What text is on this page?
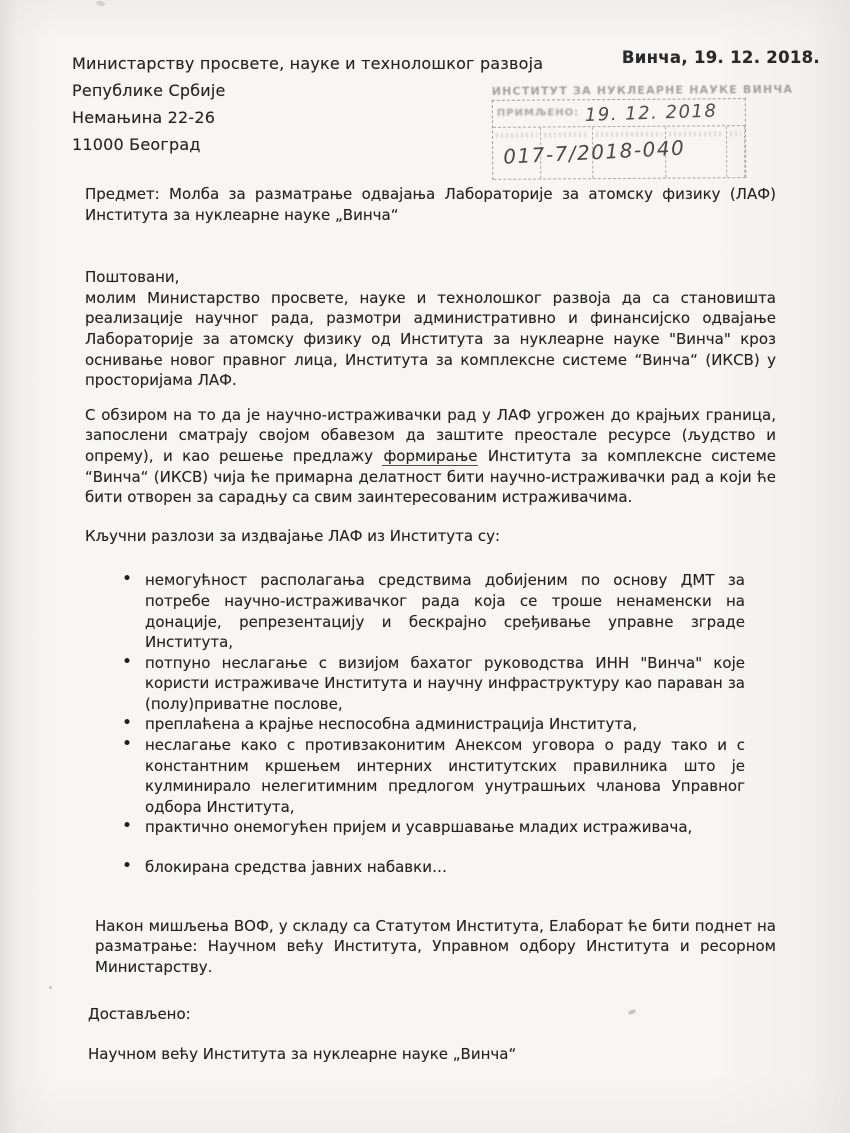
Винча, 19. 12. 2018.
Министарству просвете, науке и технолошког развоја
Републике Србије
Немањина 22-26
11000 Београд
ИНСТИТУТ ЗА НУКЛЕАРНЕ НАУКЕ ВИНЧА
ПРИМЉЕНО: 19. 12. 2018
017-7/2018-040

Предмет: Молба за разматрање одвајања Лабораторије за атомску физику (ЛАФ) Института за нуклеарне науке „Винча“

Поштовани,

молим Министарство просвете, науке и технолошког развоја да са становишта реализације научног рада, размотри административно и финансијско одвајање Лабораторије за атомску физику од Института за нуклеарне науке "Винча" кроз оснивање новог правног лица, Института за комплексне системе “Винча“ (ИКСВ) у просторијама ЛАФ.

С обзиром на то да је научно-истраживачки рад у ЛАФ угрожен до крајњих граница, запослени сматрају својом обавезом да заштите преостале ресурсе (људство и опрему), и као решење предлажу формирање Института за комплексне системе “Винча“ (ИКСВ) чија ће примарна делатност бити научно-истраживачки рад а који ће бити отворен за сарадњу са свим заинтересованим истраживачима.

Кључни разлози за издвајање ЛАФ из Института су:

• немогућност располагања средствима добијеним по основу ДМТ за потребе научно-истраживачког рада која се троше ненаменски на донације, репрезентацију и бескрајно сређивање управне зграде Института,
• потпуно неслагање с визијом бахатог руководства ИНН "Винча" које користи истраживаче Института и научну инфраструктуру као параван за (полу)приватне послове,
• преплаћена а крајње неспособна администрација Института,
• неслагање како с противзаконитим Анексом уговора о раду тако и с константним кршењем интерних институтских правилника што је кулминирало нелегитимним предлогом унутрашњих чланова Управног одбора Института,
• практично онемогућен пријем и усавршавање младих истраживача,
• блокирана средства јавних набавки…

Након мишљења ВОФ, у складу са Статутом Института, Елаборат ће бити поднет на разматрање: Научном већу Института, Управном одбору Института и ресорном Министарству.

Достављено:

Научном већу Института за нуклеарне науке „Винча“
